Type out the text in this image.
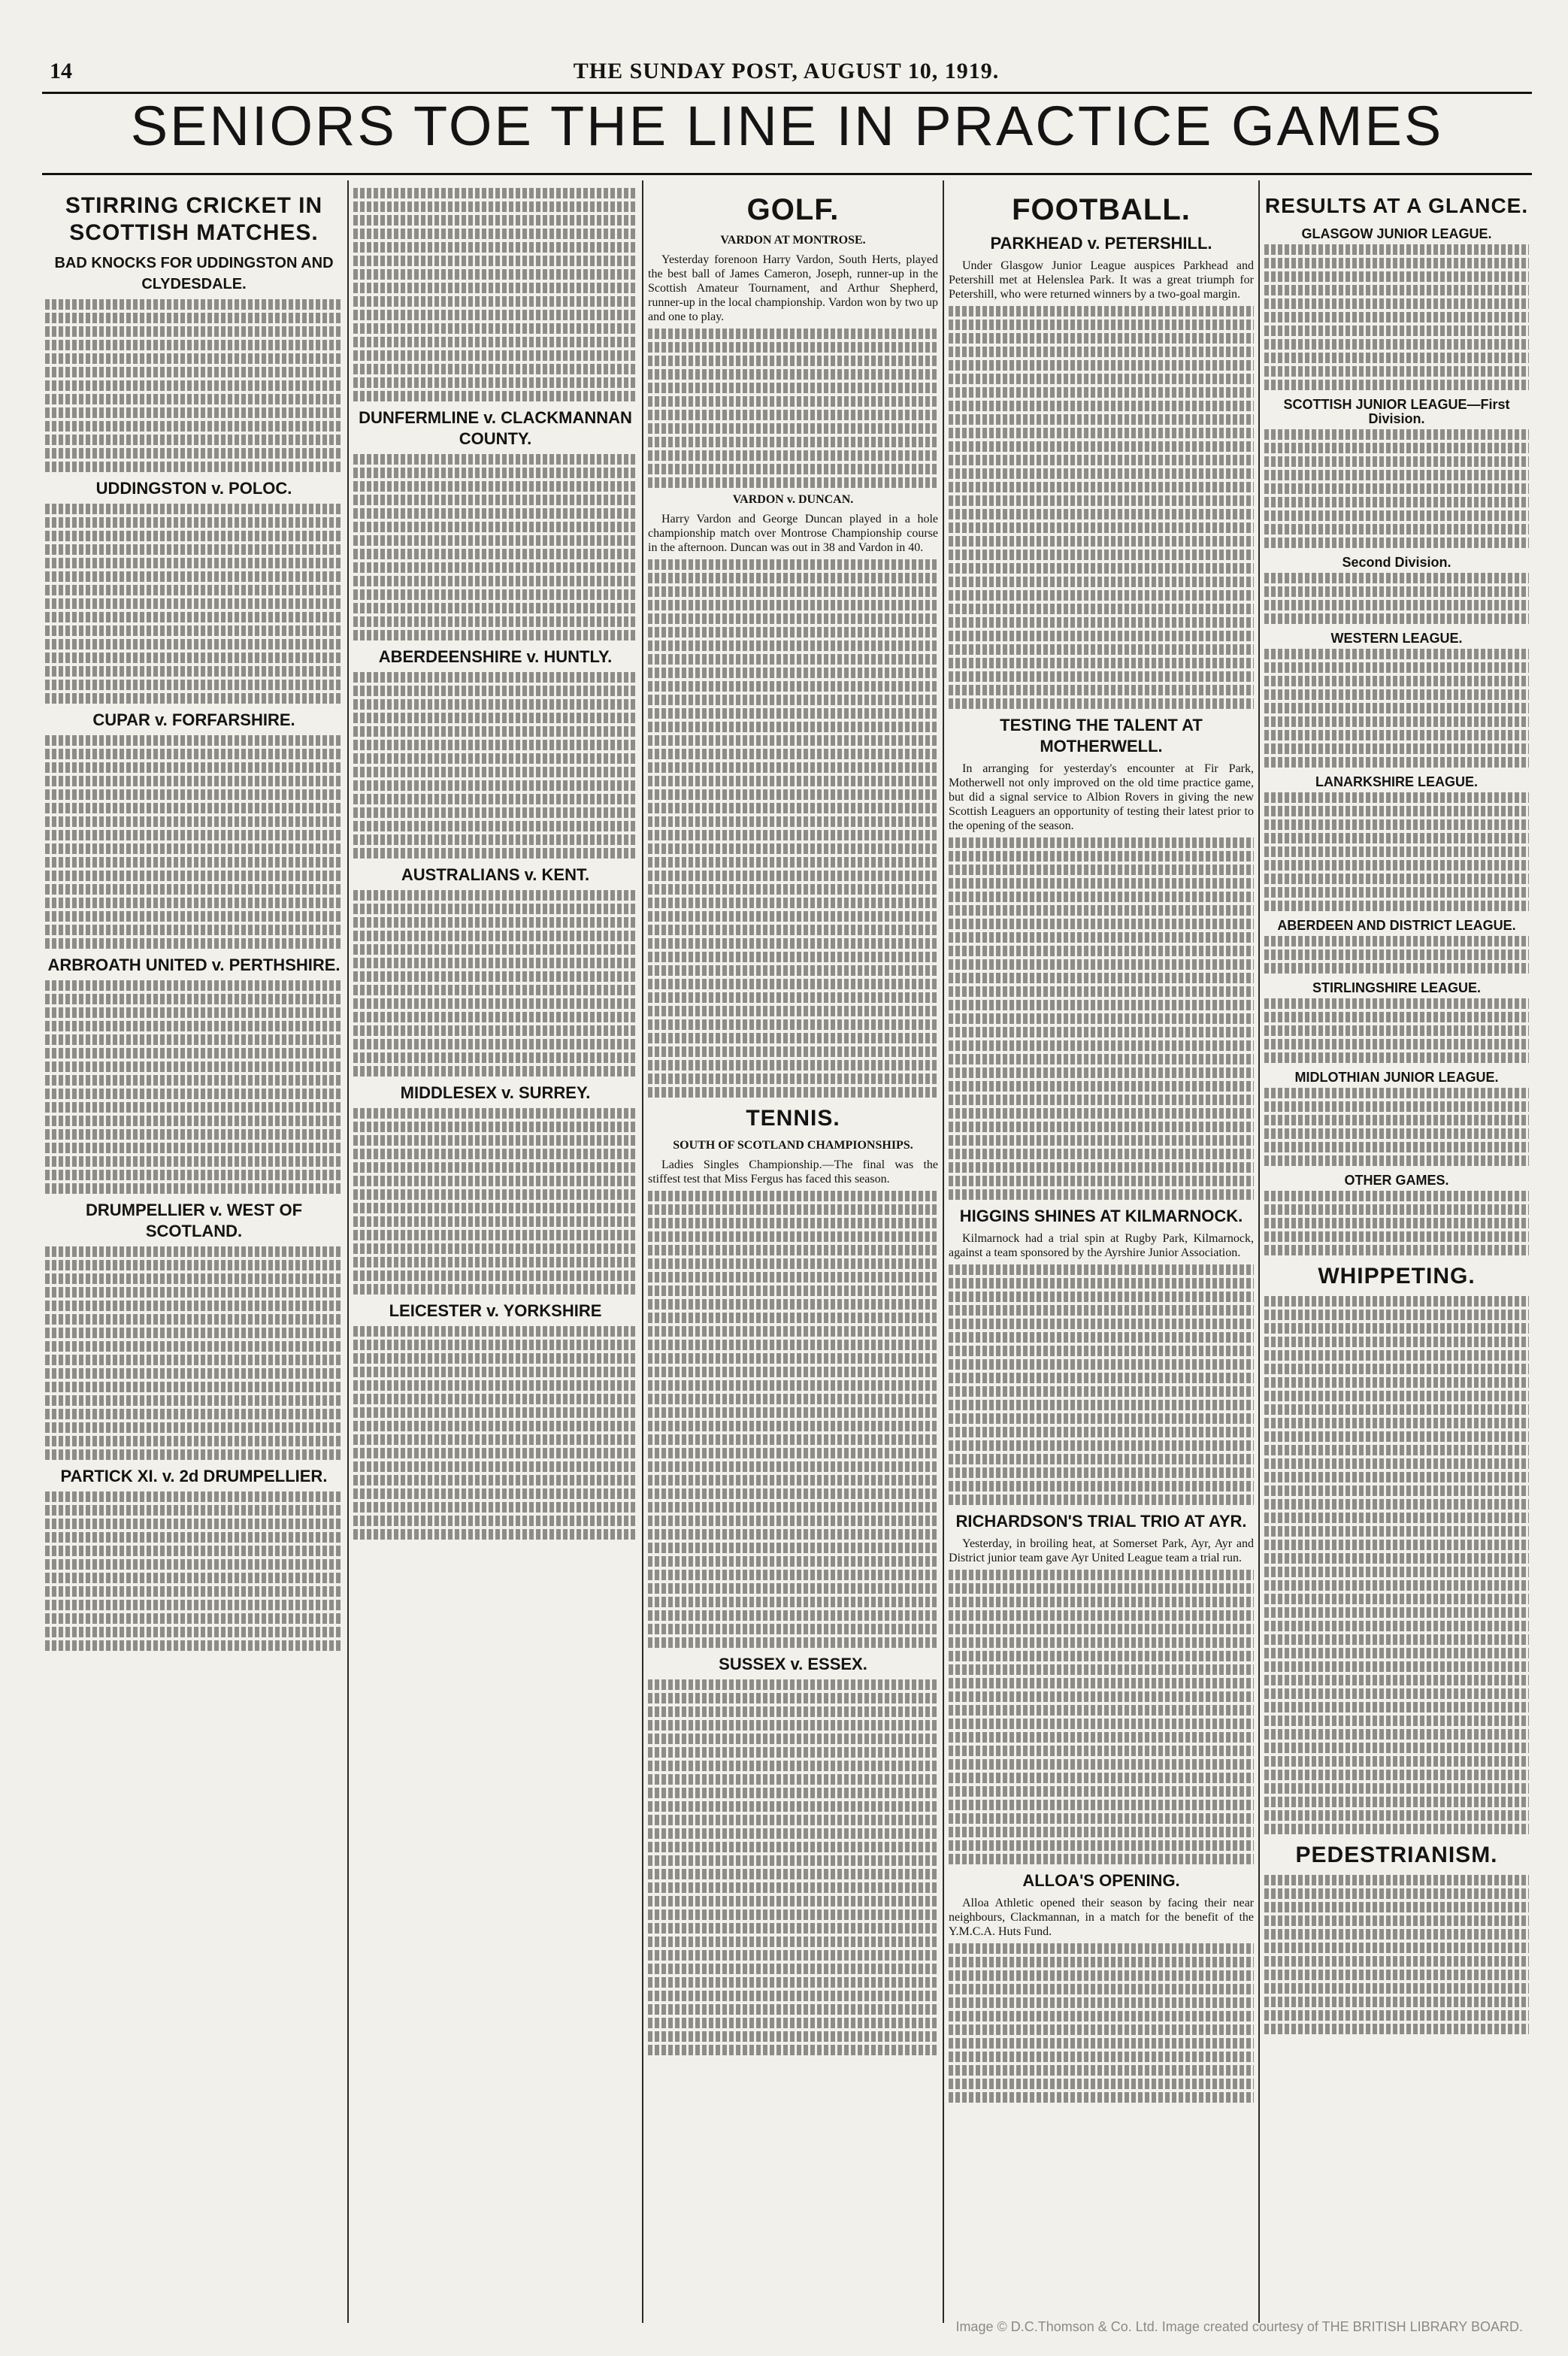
14	THE SUNDAY POST, AUGUST 10, 1919.
SENIORS TOE THE LINE IN PRACTICE GAMES
STIRRING CRICKET IN SCOTTISH MATCHES.
BAD KNOCKS FOR UDDINGSTON AND CLYDESDALE.
UDDINGSTON v. POLOC.
CUPAR v. FORFARSHIRE.
ARBROATH UNITED v. PERTHSHIRE.
DRUMPELLIER v. WEST OF SCOTLAND.
PARTICK XI. v. 2d DRUMPELLIER.
DUNFERMLINE v. CLACKMANNAN COUNTY.
ABERDEENSHIRE v. HUNTLY.
AUSTRALIANS v. KENT.
MIDDLESEX v. SURREY.
LEICESTER v. YORKSHIRE
GOLF.
VARDON AT MONTROSE.

Yesterday forenoon Harry Vardon, South Herts, played the best ball of James Cameron, Joseph, runner-up in the Scottish Amateur Tournament, and Arthur Shepherd, runner-up in the local championship. Vardon won by two up and one to play.

VARDON v. DUNCAN.

Harry Vardon and George Duncan played in a hole championship match over Montrose Championship course in the afternoon. Duncan was out in 38 and Vardon in 40.

TENNIS.
SOUTH OF SCOTLAND CHAMPIONSHIPS.

Ladies Singles Championship.—The final was the stiffest test that Miss Fergus has faced this season.

SUSSEX v. ESSEX.
FOOTBALL.
PARKHEAD v. PETERSHILL.

Under Glasgow Junior League auspices Parkhead and Petershill met at Helenslea Park. It was a great triumph for Petershill, who were returned winners by a two-goal margin.

TESTING THE TALENT AT MOTHERWELL.

In arranging for yesterday's encounter at Fir Park, Motherwell not only improved on the old time practice game, but did a signal service to Albion Rovers in giving the new Scottish Leaguers an opportunity of testing their latest prior to the opening of the season.

HIGGINS SHINES AT KILMARNOCK.

Kilmarnock had a trial spin at Rugby Park, Kilmarnock, against a team sponsored by the Ayrshire Junior Association.

RICHARDSON'S TRIAL TRIO AT AYR.

Yesterday, in broiling heat, at Somerset Park, Ayr, Ayr and District junior team gave Ayr United League team a trial run.

ALLOA'S OPENING.

Alloa Athletic opened their season by facing their near neighbours, Clackmannan, in a match for the benefit of the Y.M.C.A. Huts Fund.

RESULTS AT A GLANCE.
GLASGOW JUNIOR LEAGUE.
SCOTTISH JUNIOR LEAGUE—First Division.
Second Division.
WESTERN LEAGUE.
LANARKSHIRE LEAGUE.
ABERDEEN AND DISTRICT LEAGUE.
STIRLINGSHIRE LEAGUE.
MIDLOTHIAN JUNIOR LEAGUE.
OTHER GAMES.
WHIPPETING.
PEDESTRIANISM.
Image © D.C.Thomson & Co. Ltd. Image created courtesy of THE BRITISH LIBRARY BOARD.
